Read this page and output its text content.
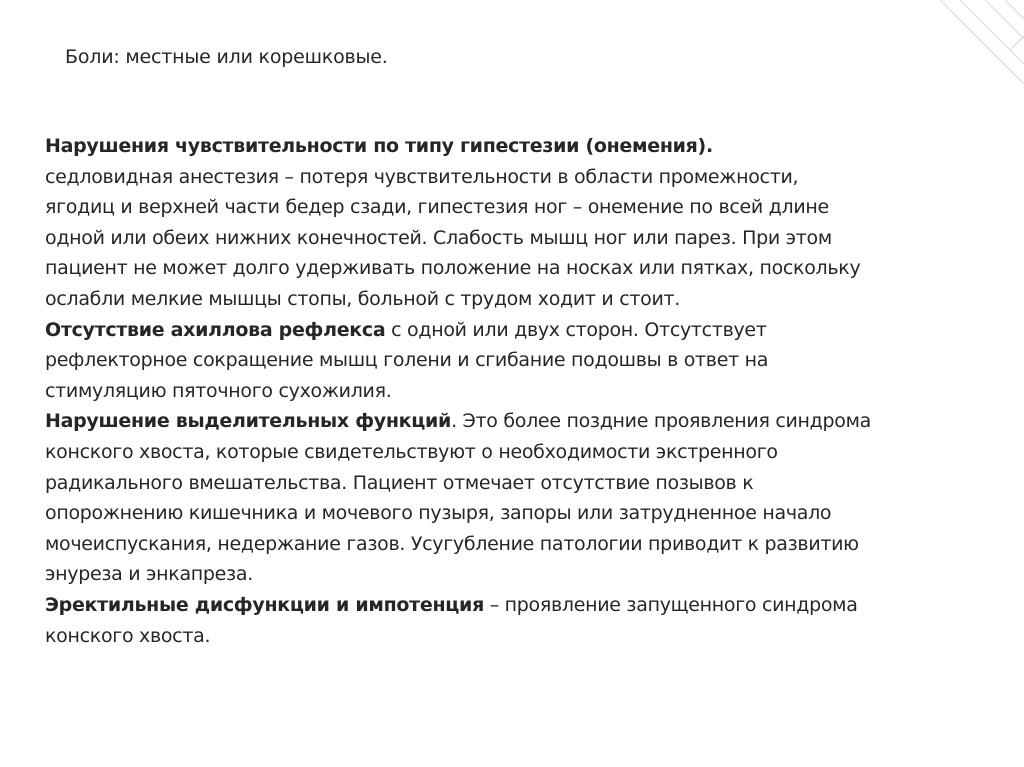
Боли: местные или корешковые.

Нарушения чувствительности по типу гипестезии (онемения).
седловидная анестезия – потеря чувствительности в области промежности,
ягодиц и верхней части бедер сзади, гипестезия ног – онемение по всей длине
одной или обеих нижних конечностей. Слабость мышц ног или парез. При этом
пациент не может долго удерживать положение на носках или пятках, поскольку
ослабли мелкие мышцы стопы, больной с трудом ходит и стоит.
Отсутствие ахиллова рефлекса с одной или двух сторон. Отсутствует
рефлекторное сокращение мышц голени и сгибание подошвы в ответ на
стимуляцию пяточного сухожилия.
Нарушение выделительных функций. Это более поздние проявления синдрома
конского хвоста, которые свидетельствуют о необходимости экстренного
радикального вмешательства. Пациент отмечает отсутствие позывов к
опорожнению кишечника и мочевого пузыря, запоры или затрудненное начало
мочеиспускания, недержание газов. Усугубление патологии приводит к развитию
энуреза и энкапреза.
Эректильные дисфункции и импотенция – проявление запущенного синдрома
конского хвоста.
